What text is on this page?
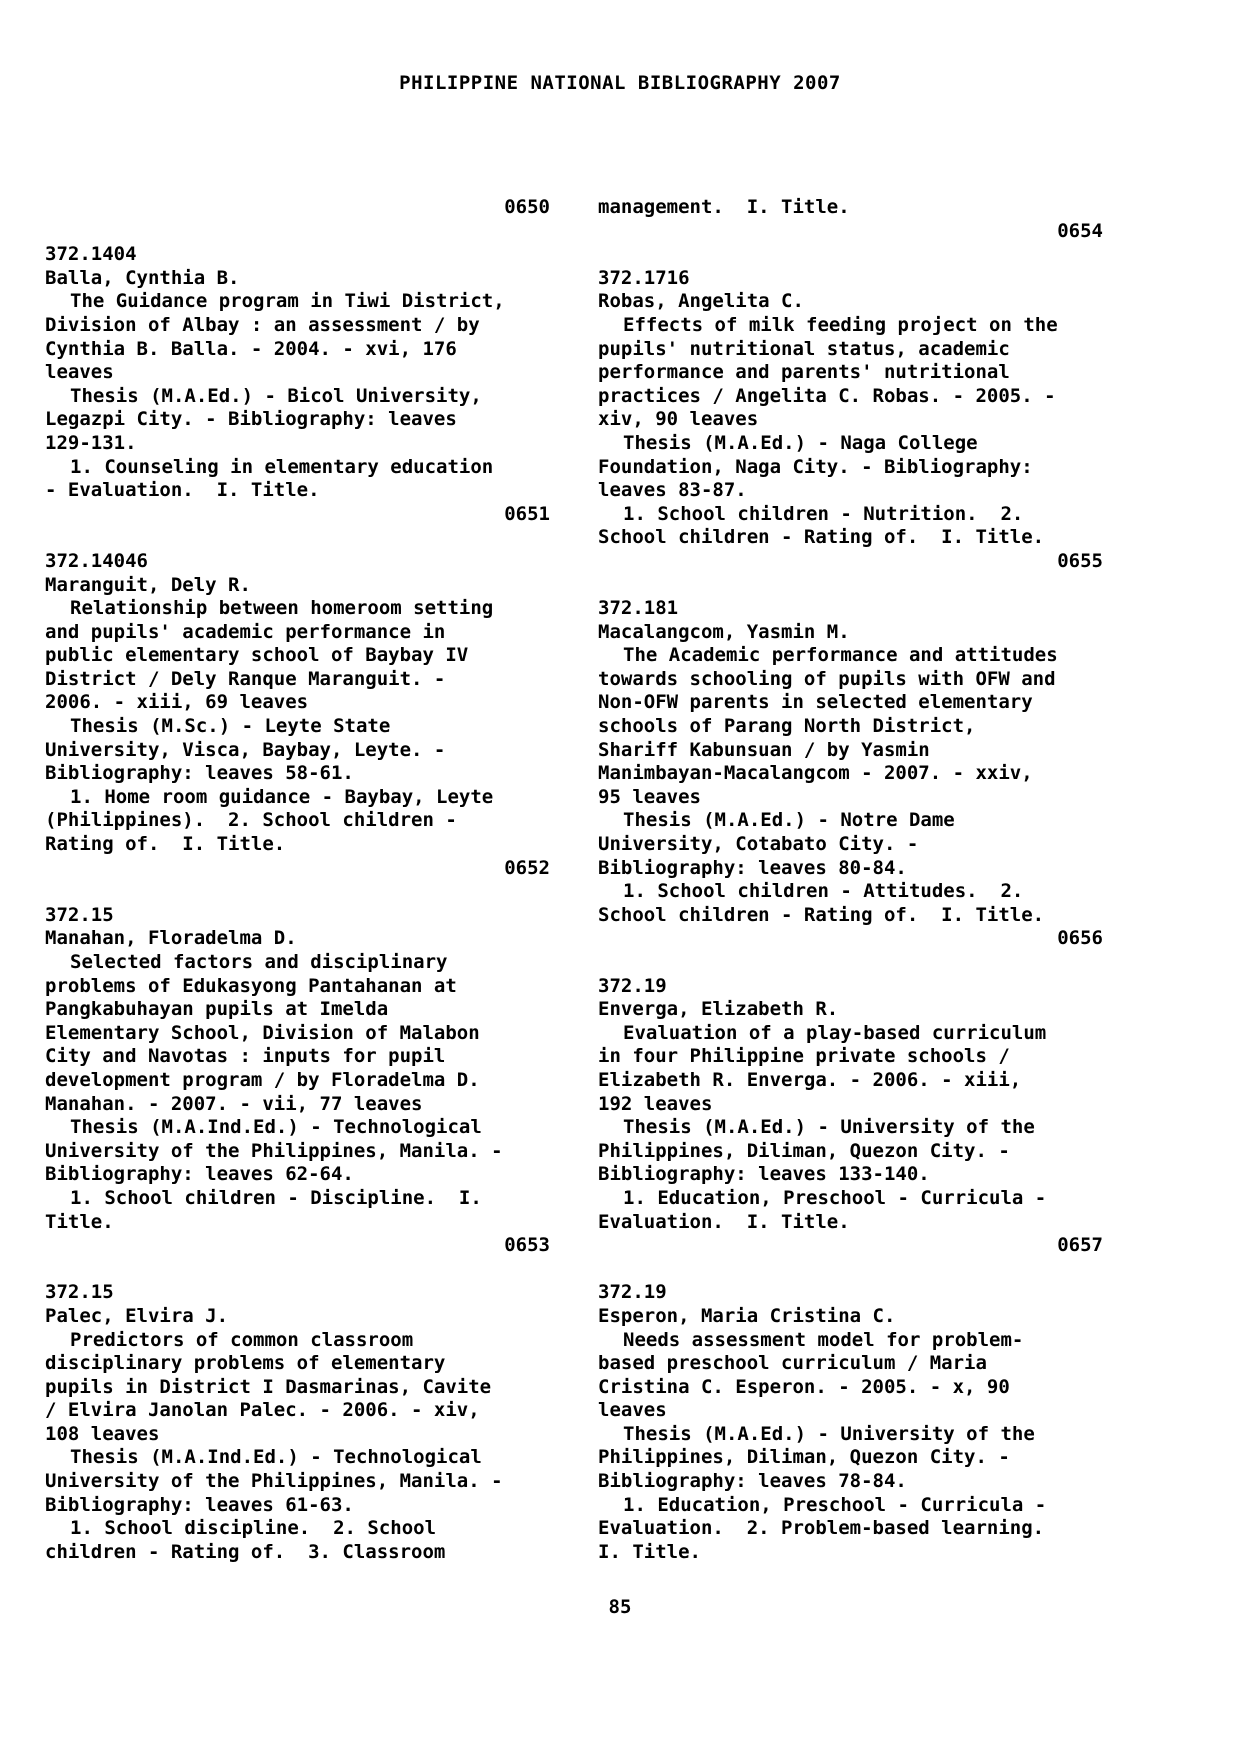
PHILIPPINE NATIONAL BIBLIOGRAPHY 2007
0650
372.1404
Balla, Cynthia B.
The Guidance program in Tiwi District,
Division of Albay : an assessment / by
Cynthia B. Balla. - 2004. - xvi, 176
leaves
Thesis (M.A.Ed.) - Bicol University,
Legazpi City. - Bibliography: leaves
129-131.
1. Counseling in elementary education
- Evaluation.  I. Title.
0651
372.14046
Maranguit, Dely R.
Relationship between homeroom setting
and pupils' academic performance in
public elementary school of Baybay IV
District / Dely Ranque Maranguit. -
2006. - xiii, 69 leaves
Thesis (M.Sc.) - Leyte State
University, Visca, Baybay, Leyte. -
Bibliography: leaves 58-61.
1. Home room guidance - Baybay, Leyte
(Philippines).  2. School children -
Rating of.  I. Title.
0652
372.15
Manahan, Floradelma D.
Selected factors and disciplinary
problems of Edukasyong Pantahanan at
Pangkabuhayan pupils at Imelda
Elementary School, Division of Malabon
City and Navotas : inputs for pupil
development program / by Floradelma D.
Manahan. - 2007. - vii, 77 leaves
Thesis (M.A.Ind.Ed.) - Technological
University of the Philippines, Manila. -
Bibliography: leaves 62-64.
1. School children - Discipline.  I.
Title.
0653
372.15
Palec, Elvira J.
Predictors of common classroom
disciplinary problems of elementary
pupils in District I Dasmarinas, Cavite
/ Elvira Janolan Palec. - 2006. - xiv,
108 leaves
Thesis (M.A.Ind.Ed.) - Technological
University of the Philippines, Manila. -
Bibliography: leaves 61-63.
1. School discipline.  2. School
children - Rating of.  3. Classroom
management.  I. Title.
0654
372.1716
Robas, Angelita C.
Effects of milk feeding project on the
pupils' nutritional status, academic
performance and parents' nutritional
practices / Angelita C. Robas. - 2005. -
xiv, 90 leaves
Thesis (M.A.Ed.) - Naga College
Foundation, Naga City. - Bibliography:
leaves 83-87.
1. School children - Nutrition.  2.
School children - Rating of.  I. Title.
0655
372.181
Macalangcom, Yasmin M.
The Academic performance and attitudes
towards schooling of pupils with OFW and
Non-OFW parents in selected elementary
schools of Parang North District,
Shariff Kabunsuan / by Yasmin
Manimbayan-Macalangcom - 2007. - xxiv,
95 leaves
Thesis (M.A.Ed.) - Notre Dame
University, Cotabato City. -
Bibliography: leaves 80-84.
1. School children - Attitudes.  2.
School children - Rating of.  I. Title.
0656
372.19
Enverga, Elizabeth R.
Evaluation of a play-based curriculum
in four Philippine private schools /
Elizabeth R. Enverga. - 2006. - xiii,
192 leaves
Thesis (M.A.Ed.) - University of the
Philippines, Diliman, Quezon City. -
Bibliography: leaves 133-140.
1. Education, Preschool - Curricula -
Evaluation.  I. Title.
0657
372.19
Esperon, Maria Cristina C.
Needs assessment model for problem-
based preschool curriculum / Maria
Cristina C. Esperon. - 2005. - x, 90
leaves
Thesis (M.A.Ed.) - University of the
Philippines, Diliman, Quezon City. -
Bibliography: leaves 78-84.
1. Education, Preschool - Curricula -
Evaluation.  2. Problem-based learning.
I. Title.
85
